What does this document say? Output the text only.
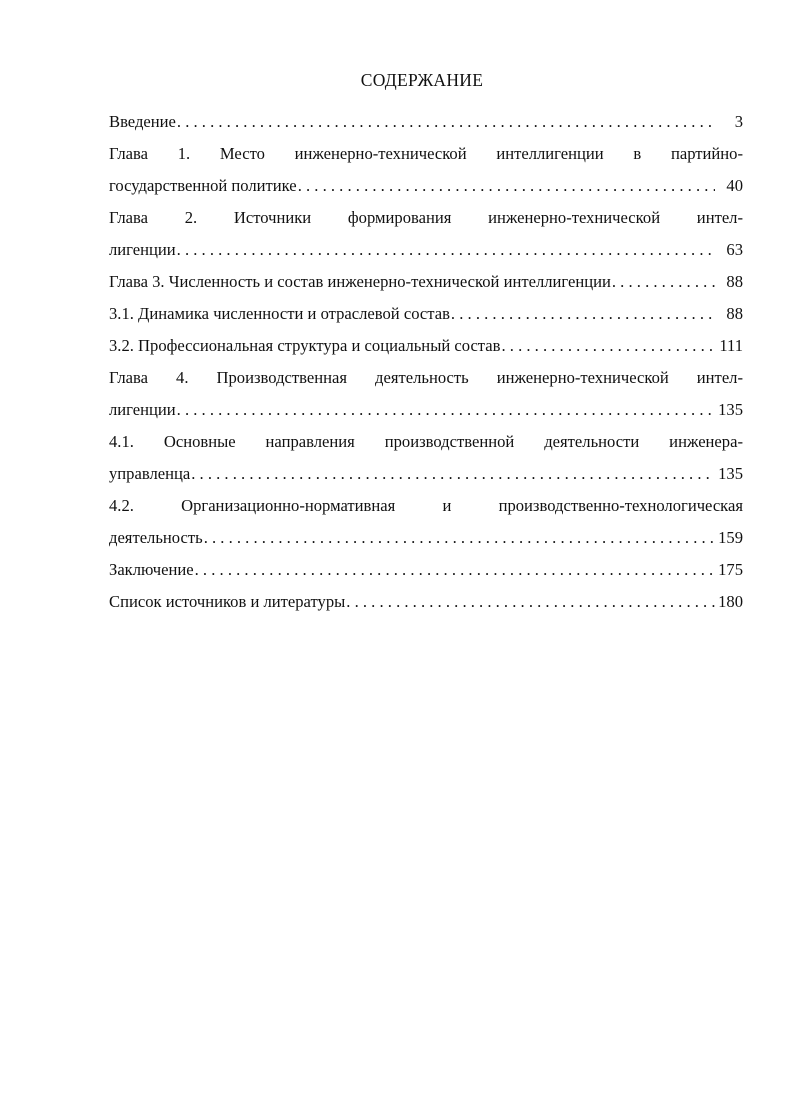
СОДЕРЖАНИЕ
Введение . . .	3
Глава 1. Место инженерно-технической интеллигенции в партийно-
государственной политике . . .	40
Глава 2. Источники формирования инженерно-технической интел-
лигенции . . .	63
Глава 3. Численность и состав инженерно-технической интеллигенции . . .	88
3.1. Динамика численности и отраслевой состав . . .	88
3.2. Профессиональная структура и социальный состав . . .	111
Глава 4. Производственная деятельность инженерно-технической интел-
лигенции . . .	135
4.1. Основные направления производственной деятельности инженера-
управленца . . .	135
4.2. Организационно-нормативная и производственно-технологическая
деятельность . . .	159
Заключение . . .	175
Список источников и литературы . . .	180
